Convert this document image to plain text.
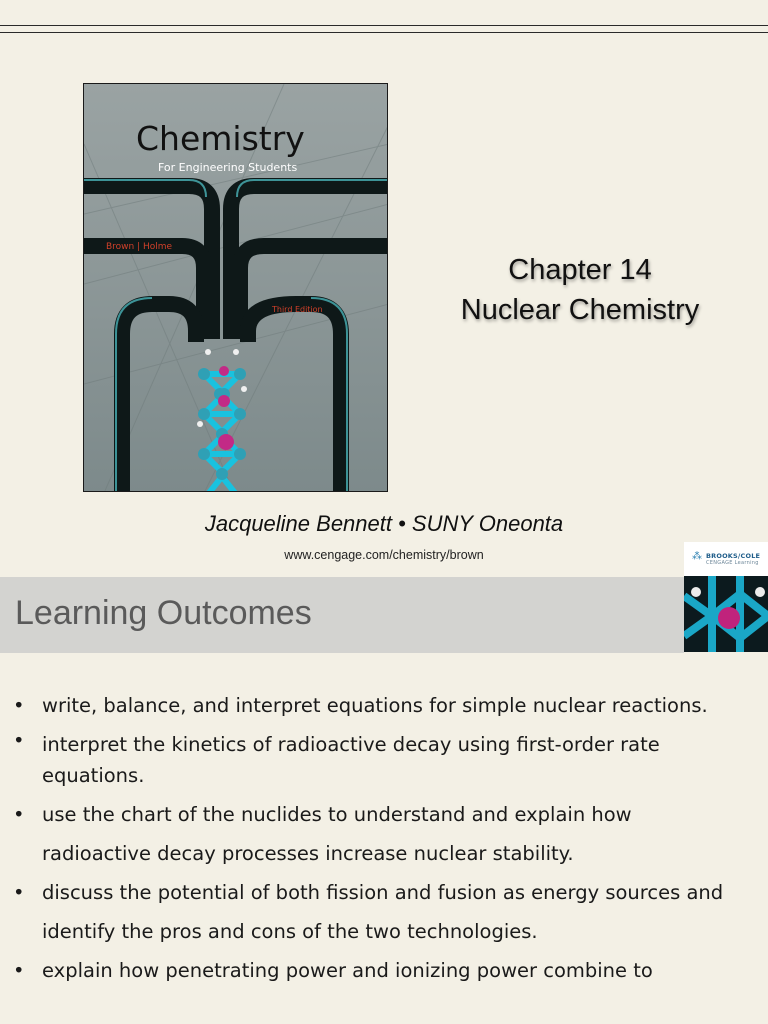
Chemistry
For Engineering Students
Brown | Holme
Third Edition
Chapter 14
Nuclear Chemistry
Jacqueline Bennett • SUNY Oneonta
www.cengage.com/chemistry/brown	⁂ BROOKS/COLE
CENGAGE Learning
Learning Outcomes
• write, balance, and interpret equations for simple nuclear reactions.
• interpret the kinetics of radioactive decay using first-order rate equations.
• use the chart of the nuclides to understand and explain how radioactive decay processes increase nuclear stability.
• discuss the potential of both fission and fusion as energy sources and identify the pros and cons of the two technologies.
• explain how penetrating power and ionizing power combine to
